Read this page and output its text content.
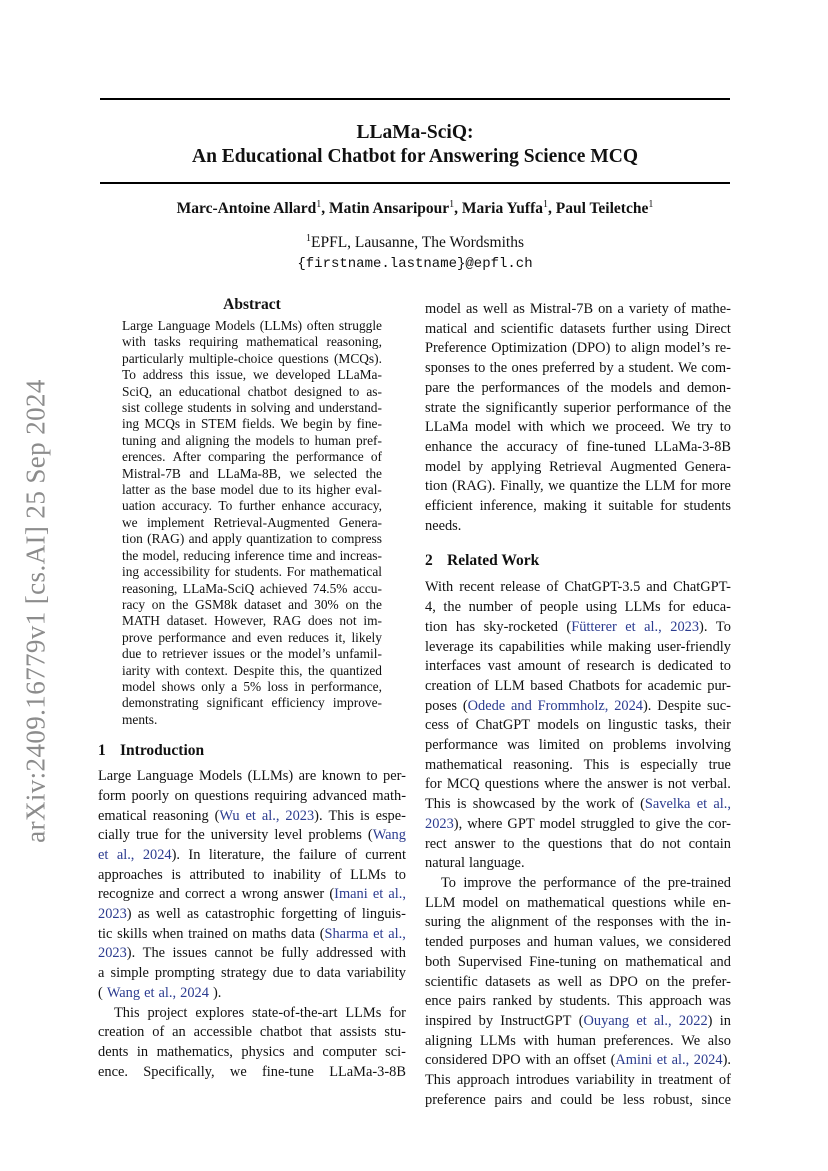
arXiv:2409.16779v1 [cs.AI] 25 Sep 2024
LLaMa-SciQ:
An Educational Chatbot for Answering Science MCQ
Marc-Antoine Allard$^1$, Matin Ansaripour$^1$, Maria Yuffa$^1$, Paul Teiletche$^1$
$^1$EPFL, Lausanne, The Wordsmiths
{firstname.lastname}@epfl.ch
Abstract
Large Language Models (LLMs) often struggle
with tasks requiring mathematical reasoning,
particularly multiple-choice questions (MCQs).
To address this issue, we developed LLaMa-
SciQ, an educational chatbot designed to as-
sist college students in solving and understand-
ing MCQs in STEM fields. We begin by fine-
tuning and aligning the models to human pref-
erences. After comparing the performance of
Mistral-7B and LLaMa-8B, we selected the
latter as the base model due to its higher eval-
uation accuracy. To further enhance accuracy,
we implement Retrieval-Augmented Genera-
tion (RAG) and apply quantization to compress
the model, reducing inference time and increas-
ing accessibility for students. For mathematical
reasoning, LLaMa-SciQ achieved 74.5% accu-
racy on the GSM8k dataset and 30% on the
MATH dataset. However, RAG does not im-
prove performance and even reduces it, likely
due to retriever issues or the model’s unfamil-
iarity with context. Despite this, the quantized
model shows only a 5% loss in performance,
demonstrating significant efficiency improve-
ments.
1 Introduction
Large Language Models (LLMs) are known to per-
form poorly on questions requiring advanced math-
ematical reasoning (Wu et al., 2023). This is espe-
cially true for the university level problems (Wang
et al., 2024). In literature, the failure of current
approaches is attributed to inability of LLMs to
recognize and correct a wrong answer (Imani et al.,
2023) as well as catastrophic forgetting of linguis-
tic skills when trained on maths data (Sharma et al.,
2023). The issues cannot be fully addressed with
a simple prompting strategy due to data variability
( Wang et al., 2024 ).
This project explores state-of-the-art LLMs for
creation of an accessible chatbot that assists stu-
dents in mathematics, physics and computer sci-
ence. Specifically, we fine-tune LLaMa-3-8B
model as well as Mistral-7B on a variety of mathe-
matical and scientific datasets further using Direct
Preference Optimization (DPO) to align model’s re-
sponses to the ones preferred by a student. We com-
pare the performances of the models and demon-
strate the significantly superior performance of the
LLaMa model with which we proceed. We try to
enhance the accuracy of fine-tuned LLaMa-3-8B
model by applying Retrieval Augmented Genera-
tion (RAG). Finally, we quantize the LLM for more
efficient inference, making it suitable for students
needs.
2 Related Work
With recent release of ChatGPT-3.5 and ChatGPT-
4, the number of people using LLMs for educa-
tion has sky-rocketed (Fütterer et al., 2023). To
leverage its capabilities while making user-friendly
interfaces vast amount of research is dedicated to
creation of LLM based Chatbots for academic pur-
poses (Odede and Frommholz, 2024). Despite suc-
cess of ChatGPT models on lingustic tasks, their
performance was limited on problems involving
mathematical reasoning. This is especially true
for MCQ questions where the answer is not verbal.
This is showcased by the work of (Savelka et al.,
2023), where GPT model struggled to give the cor-
rect answer to the questions that do not contain
natural language.
To improve the performance of the pre-trained
LLM model on mathematical questions while en-
suring the alignment of the responses with the in-
tended purposes and human values, we considered
both Supervised Fine-tuning on mathematical and
scientific datasets as well as DPO on the prefer-
ence pairs ranked by students. This approach was
inspired by InstructGPT (Ouyang et al., 2022) in
aligning LLMs with human preferences. We also
considered DPO with an offset (Amini et al., 2024).
This approach introdues variability in treatment of
preference pairs and could be less robust, since
